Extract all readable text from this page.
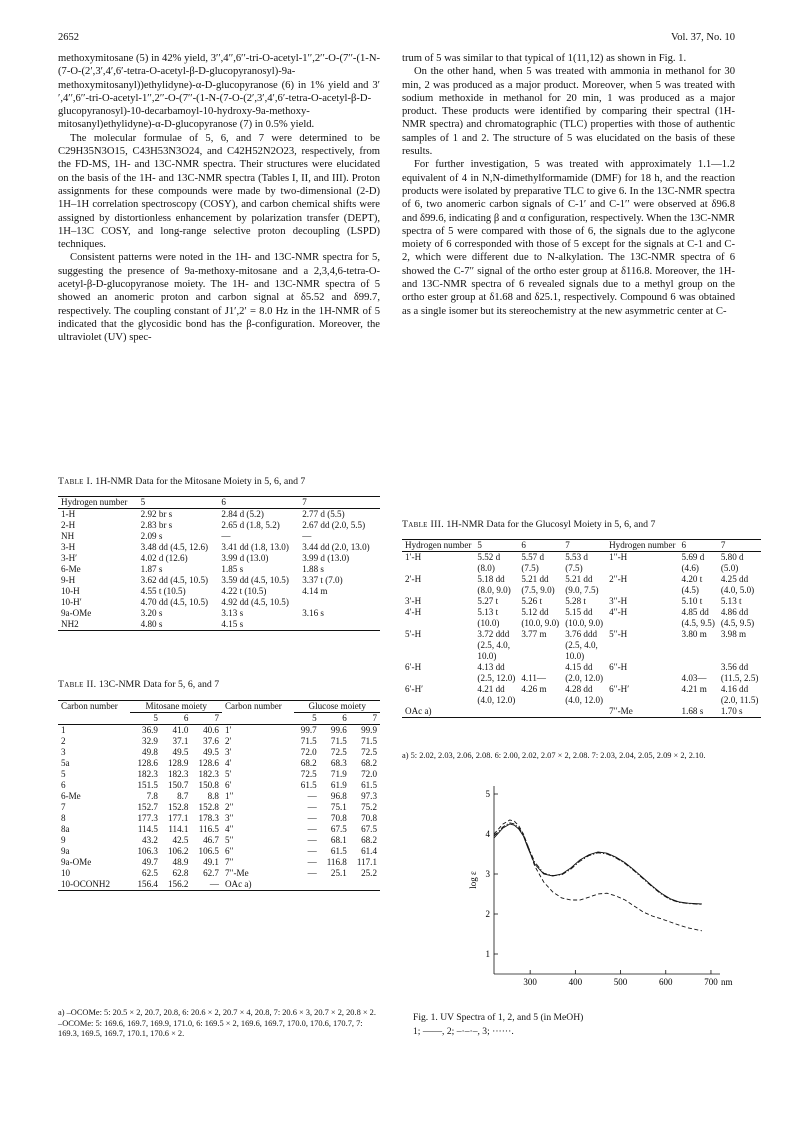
2652	Vol. 37, No. 10

methoxymitosane (5) in 42% yield, 3′′,4′′,6′′-tri-O-acetyl-1′′,2′′-O-(7′′-(1-N-(7-O-(2′,3′,4′,6′-tetra-O-acetyl-β-D-glucopyranosyl)-9a-methoxymitosanyl))ethylidyne)-α-D-glucopyranose (6) in 1% yield and 3′′,4′′,6′′-tri-O-acetyl-1′′,2′′-O-(7′′-(1-N-(7-O-(2′,3′,4′,6′-tetra-O-acetyl-β-D-glucopyranosyl)-10-decarbamoyl-10-hydroxy-9a-methoxy-mitosanyl)ethylidyne)-α-D-glucopyranose (7) in 0.5% yield.

The molecular formulae of 5, 6, and 7 were determined to be C29H35N3O15, C43H53N3O24, and C42H52N2O23, respectively, from the FD-MS, 1H- and 13C-NMR spectra. Their structures were elucidated on the basis of the 1H- and 13C-NMR spectra (Tables I, II, and III). Proton assignments for these compounds were made by two-dimensional (2-D) 1H–1H correlation spectroscopy (COSY), and carbon chemical shifts were assigned by distortionless enhancement by polarization transfer (DEPT), 1H–13C COSY, and long-range selective proton decoupling (LSPD) techniques.

Consistent patterns were noted in the 1H- and 13C-NMR spectra for 5, suggesting the presence of 9a-methoxy-mitosane and a 2,3,4,6-tetra-O-acetyl-β-D-glucopyranose moiety. The 1H- and 13C-NMR spectra of 5 showed an anomeric proton and carbon signal at δ5.52 and δ99.7, respectively. The coupling constant of J1′,2′ = 8.0 Hz in the 1H-NMR of 5 indicated that the glycosidic bond has the β-configuration. Moreover, the ultraviolet (UV) spec-

trum of 5 was similar to that typical of 1(11,12) as shown in Fig. 1.

On the other hand, when 5 was treated with ammonia in methanol for 30 min, 2 was produced as a major product. Moreover, when 5 was treated with sodium methoxide in methanol for 20 min, 1 was produced as a major product. These products were identified by comparing their spectral (1H-NMR spectra) and chromatographic (TLC) properties with those of authentic samples of 1 and 2. The structure of 5 was elucidated on the basis of these results.

For further investigation, 5 was treated with approximately 1.1—1.2 equivalent of 4 in N,N-dimethylformamide (DMF) for 18 h, and the reaction products were isolated by preparative TLC to give 6. In the 13C-NMR spectra of 6, two anomeric carbon signals of C-1′ and C-1′′ were observed at δ96.8 and δ99.6, indicating β and α configuration, respectively. When the 13C-NMR spectra of 5 were compared with those of 6, the signals due to the aglycone moiety of 6 corresponded with those of 5 except for the signals at C-1 and C-2, which were different due to N-alkylation. The 13C-NMR spectra of 6 showed the C-7′′ signal of the ortho ester group at δ116.8. Moreover, the 1H- and 13C-NMR spectra of 6 revealed signals due to a methyl group on the ortho ester group at δ1.68 and δ25.1, respectively. Compound 6 was obtained as a single isomer but its stereochemistry at the new asymmetric center at C-

Table I. 1H-NMR Data for the Mitosane Moiety in 5, 6, and 7
Hydrogen number	5	6	7
1-H	2.92 br s	2.84 d (5.2)	2.77 d (5.5)
2-H	2.83 br s	2.65 d (1.8, 5.2)	2.67 dd (2.0, 5.5)
NH	2.09 s	—	—
3-H	3.48 dd (4.5, 12.6)	3.41 dd (1.8, 13.0)	3.44 dd (2.0, 13.0)
3-H′	4.02 d (12.6)	3.99 d (13.0)	3.99 d (13.0)
6-Me	1.87 s	1.85 s	1.88 s
9-H	3.62 dd (4.5, 10.5)	3.59 dd (4.5, 10.5)	3.37 t (7.0)
10-H	4.55 t (10.5)	4.22 t (10.5)	4.14 m
10-H′	4.70 dd (4.5, 10.5)	4.92 dd (4.5, 10.5)	
9a-OMe	3.20 s	3.13 s	3.16 s
NH2	4.80 s	4.15 s	
Table II. 13C-NMR Data for 5, 6, and 7
Carbon number	Mitosane moiety			Carbon number	Glucose moiety		
	5	6	7		5	6	7
1	36.9	41.0	40.6	1′	99.7	99.6	99.9
2	32.9	37.1	37.6	2′	71.5	71.5	71.5
3	49.8	49.5	49.5	3′	72.0	72.5	72.5
5a	128.6	128.9	128.6	4′	68.2	68.3	68.2
5	182.3	182.3	182.3	5′	72.5	71.9	72.0
6	151.5	150.7	150.8	6′	61.5	61.9	61.5
6-Me	7.8	8.7	8.8	1′′	—	96.8	97.3
7	152.7	152.8	152.8	2′′	—	75.1	75.2
8	177.3	177.1	178.3	3′′	—	70.8	70.8
8a	114.5	114.1	116.5	4′′	—	67.5	67.5
9	43.2	42.5	46.7	5′′	—	68.1	68.2
9a	106.3	106.2	106.5	6′′	—	61.5	61.4
9a-OMe	49.7	48.9	49.1	7′′	—	116.8	117.1
10	62.5	62.8	62.7	7′′-Me	—	25.1	25.2
10-OCONH2	156.4	156.2	—	OAc a)			
a) –OCOMe: 5: 20.5 × 2, 20.7, 20.8, 6: 20.6 × 2, 20.7 × 4, 20.8, 7: 20.6 × 3, 20.7 × 2, 20.8 × 2. –OCOMe: 5: 169.6, 169.7, 169.9, 171.0, 6: 169.5 × 2, 169.6, 169.7, 170.0, 170.6, 170.7, 7: 169.3, 169.5, 169.7, 170.1, 170.6 × 2.
Table III. 1H-NMR Data for the Glucosyl Moiety in 5, 6, and 7
Hydrogen number	5	6	7	Hydrogen number	6	7
1′-H	5.52 d	5.57 d	5.53 d	1′′-H	5.69 d	5.80 d
	(8.0)	(7.5)	(7.5)		(4.6)	(5.0)
2′-H	5.18 dd	5.21 dd	5.21 dd	2′′-H	4.20 t	4.25 dd
	(8.0, 9.0)	(7.5, 9.0)	(9.0, 7.5)		(4.5)	(4.0, 5.0)
3′-H	5.27 t	5.26 t	5.28 t	3′′-H	5.10 t	5.13 t
4′-H	5.13 t	5.12 dd	5.15 dd	4′′-H	4.85 dd	4.86 dd
	(10.0)	(10.0, 9.0)	(10.0, 9.0)		(4.5, 9.5)	(4.5, 9.5)
5′-H	3.72 ddd	3.77 m	3.76 ddd	5′′-H	3.80 m	3.98 m
	(2.5, 4.0,		(2.5, 4.0,			
	10.0)		10.0)			
6′-H	4.13 dd		4.15 dd	6′′-H		3.56 dd
	(2.5, 12.0)	4.11—	(2.0, 12.0)		4.03—	(11.5, 2.5)
6′-H′	4.21 dd	4.26 m	4.28 dd	6′′-H′	4.21 m	4.16 dd
	(4.0, 12.0)		(4.0, 12.0)			(2.0, 11.5)
OAc a)				7′′-Me	1.68 s	1.70 s
a) 5: 2.02, 2.03, 2.06, 2.08. 6: 2.00, 2.02, 2.07 × 2, 2.08. 7: 2.03, 2.04, 2.05, 2.09 × 2, 2.10.
1
2
3
4
5
300	400	500	600	700 nm
log ε
Fig. 1. UV Spectra of 1, 2, and 5 (in MeOH)
1; ——, 2; –·–·–, 3; ······.
